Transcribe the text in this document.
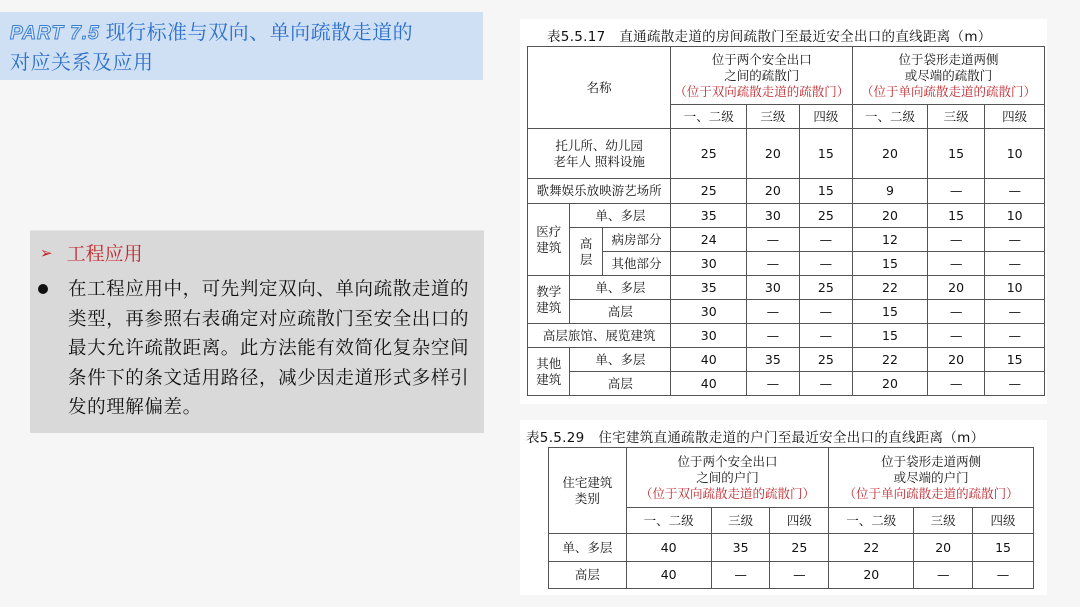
PART 7.5 现行标准与双向、单向疏散走道的
对应关系及应用
➢ 工程应用
在工程应用中，可先判定双向、单向疏散走道的类型，再参照右表确定对应疏散门至安全出口的最大允许疏散距离。此方法能有效简化复杂空间条件下的条文适用路径，减少因走道形式多样引发的理解偏差。
表5.5.17　直通疏散走道的房间疏散门至最近安全出口的直线距离（m）
名称	
位于两个安全出口
之间的疏散门
（位于双向疏散走道的疏散门）

位于袋形走道两侧
或尽端的疏散门
（位于单向疏散走道的疏散门）

			一、二级	三级	四级	一、二级	三级	四级

托儿所、幼儿园
老年人 照料设施			25	20	15	20	15	10
歌舞娱乐放映游艺场所			25	20	15	9	—	—

医疗建筑	单、多层		35	30	25	20	15	10

	高层	病房部分	24	—	—	12	—	—
		其他部分	30	—	—	15	—	—

教学建筑	单、多层		35	30	25	22	20	10
	高层		30	—	—	15	—	—
高层旅馆、展览建筑			30	—	—	15	—	—

其他建筑	单、多层		40	35	25	22	20	15
	高层		40	—	—	20	—	—
表5.5.29　住宅建筑直通疏散走道的户门至最近安全出口的直线距离（m）
住宅建筑类别

位于两个安全出口
之间的户门
（位于双向疏散走道的疏散门）

位于袋形走道两侧
或尽端的户门
（位于单向疏散走道的疏散门）

	一、二级	三级	四级	一、二级	三级	四级
单、多层	40	35	25	22	20	15
高层	40	—	—	20	—	—
